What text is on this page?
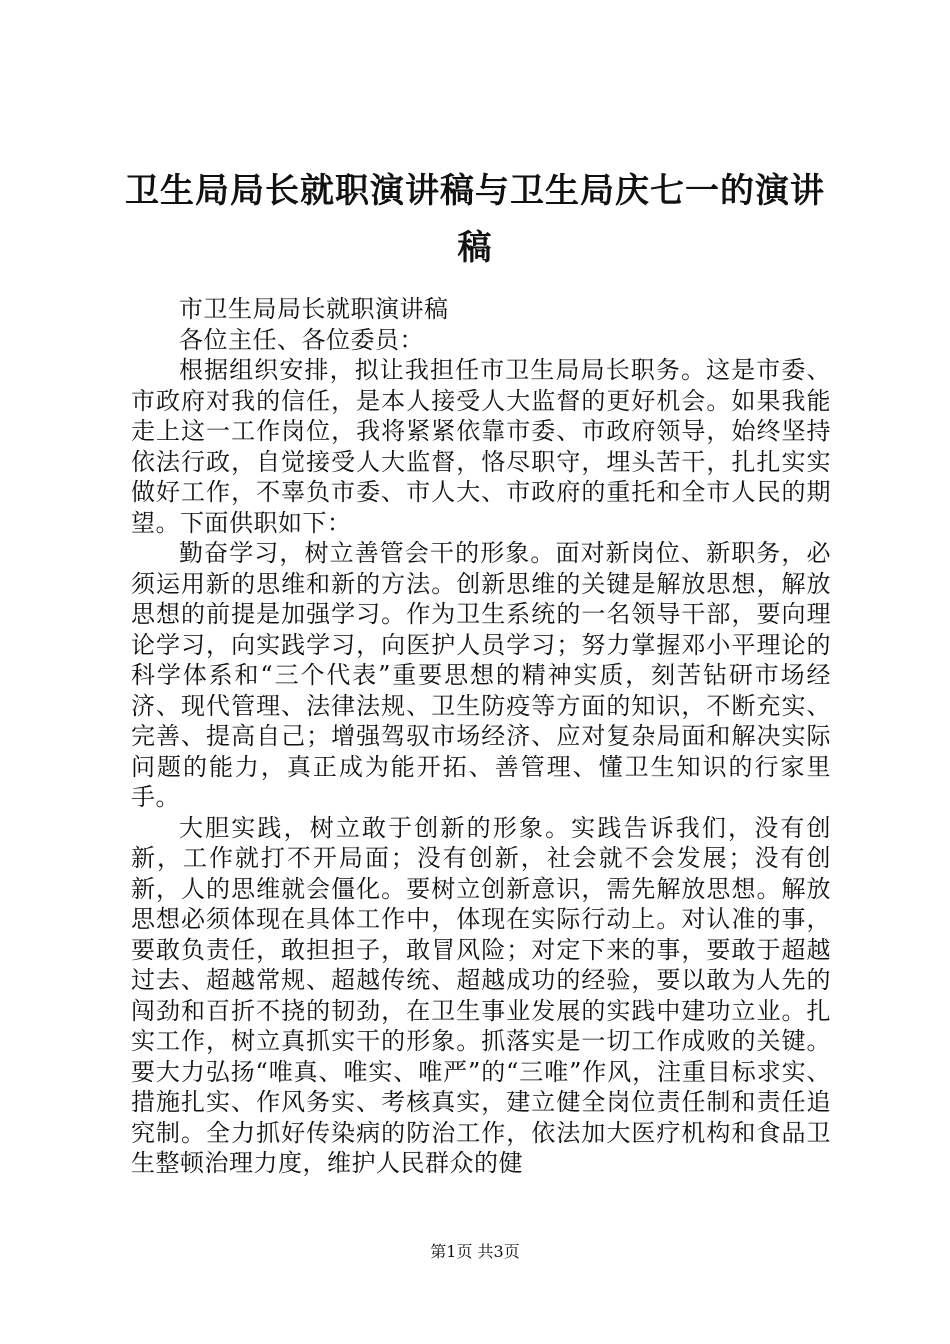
卫生局局长就职演讲稿与卫生局庆七一的演讲稿

市卫生局局长就职演讲稿

各位主任、各位委员：

根据组织安排，拟让我担任市卫生局局长职务。这是市委、市政府对我的信任，是本人接受人大监督的更好机会。如果我能走上这一工作岗位，我将紧紧依靠市委、市政府领导，始终坚持依法行政，自觉接受人大监督，恪尽职守，埋头苦干，扎扎实实做好工作，不辜负市委、市人大、市政府的重托和全市人民的期望。下面供职如下：

勤奋学习，树立善管会干的形象。面对新岗位、新职务，必须运用新的思维和新的方法。创新思维的关键是解放思想，解放思想的前提是加强学习。作为卫生系统的一名领导干部，要向理论学习，向实践学习，向医护人员学习；努力掌握邓小平理论的科学体系和“三个代表”重要思想的精神实质，刻苦钻研市场经济、现代管理、法律法规、卫生防疫等方面的知识，不断充实、完善、提高自己；增强驾驭市场经济、应对复杂局面和解决实际问题的能力，真正成为能开拓、善管理、懂卫生知识的行家里手。

大胆实践，树立敢于创新的形象。实践告诉我们，没有创新，工作就打不开局面；没有创新，社会就不会发展；没有创新，人的思维就会僵化。要树立创新意识，需先解放思想。解放思想必须体现在具体工作中，体现在实际行动上。对认准的事，要敢负责任，敢担担子，敢冒风险；对定下来的事，要敢于超越过去、超越常规、超越传统、超越成功的经验，要以敢为人先的闯劲和百折不挠的韧劲，在卫生事业发展的实践中建功立业。扎实工作，树立真抓实干的形象。抓落实是一切工作成败的关键。要大力弘扬“唯真、唯实、唯严”的“三唯”作风，注重目标求实、措施扎实、作风务实、考核真实，建立健全岗位责任制和责任追究制。全力抓好传染病的防治工作，依法加大医疗机构和食品卫生整顿治理力度，维护人民群众的健

第1页 共3页
